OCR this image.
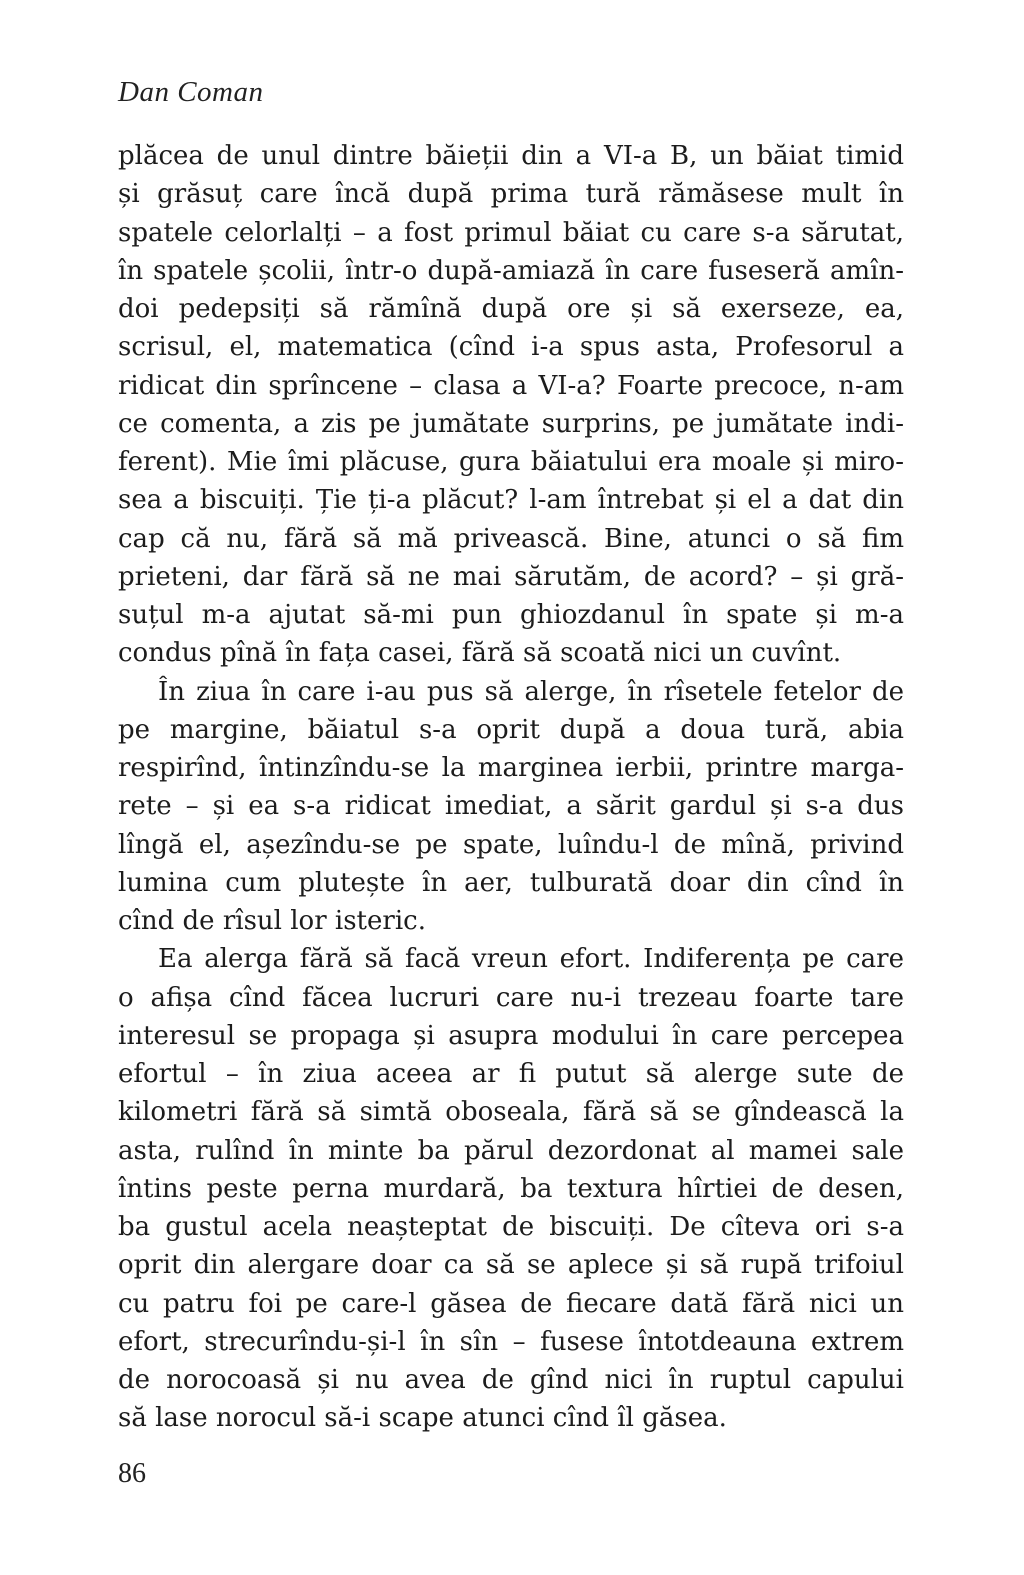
Dan Coman
plăcea de unul dintre băieții din a VI-a B, un băiat timid
și grăsuț care încă după prima tură rămăsese mult în
spatele celorlalți – a fost primul băiat cu care s-a sărutat,
în spatele școlii, într-o după-amiază în care fuseseră amîn-
doi pedepsiți să rămînă după ore și să exerseze, ea,
scrisul, el, matematica (cînd i-a spus asta, Profesorul a
ridicat din sprîncene – clasa a VI-a? Foarte precoce, n-am
ce comenta, a zis pe jumătate surprins, pe jumătate indi-
ferent). Mie îmi plăcuse, gura băiatului era moale și miro-
sea a biscuiți. Ție ți-a plăcut? l-am întrebat și el a dat din
cap că nu, fără să mă privească. Bine, atunci o să fim
prieteni, dar fără să ne mai sărutăm, de acord? – și gră-
suțul m-a ajutat să-mi pun ghiozdanul în spate și m-a
condus pînă în fața casei, fără să scoată nici un cuvînt.
În ziua în care i-au pus să alerge, în rîsetele fetelor de
pe margine, băiatul s-a oprit după a doua tură, abia
respirînd, întinzîndu-se la marginea ierbii, printre marga-
rete – și ea s-a ridicat imediat, a sărit gardul și s-a dus
lîngă el, așezîndu-se pe spate, luîndu-l de mînă, privind
lumina cum plutește în aer, tulburată doar din cînd în
cînd de rîsul lor isteric.
Ea alerga fără să facă vreun efort. Indiferența pe care
o afișa cînd făcea lucruri care nu-i trezeau foarte tare
interesul se propaga și asupra modului în care percepea
efortul – în ziua aceea ar fi putut să alerge sute de
kilometri fără să simtă oboseala, fără să se gîndească la
asta, rulînd în minte ba părul dezordonat al mamei sale
întins peste perna murdară, ba textura hîrtiei de desen,
ba gustul acela neașteptat de biscuiți. De cîteva ori s-a
oprit din alergare doar ca să se aplece și să rupă trifoiul
cu patru foi pe care-l găsea de fiecare dată fără nici un
efort, strecurîndu-și-l în sîn – fusese întotdeauna extrem
de norocoasă și nu avea de gînd nici în ruptul capului
să lase norocul să-i scape atunci cînd îl găsea.
86
